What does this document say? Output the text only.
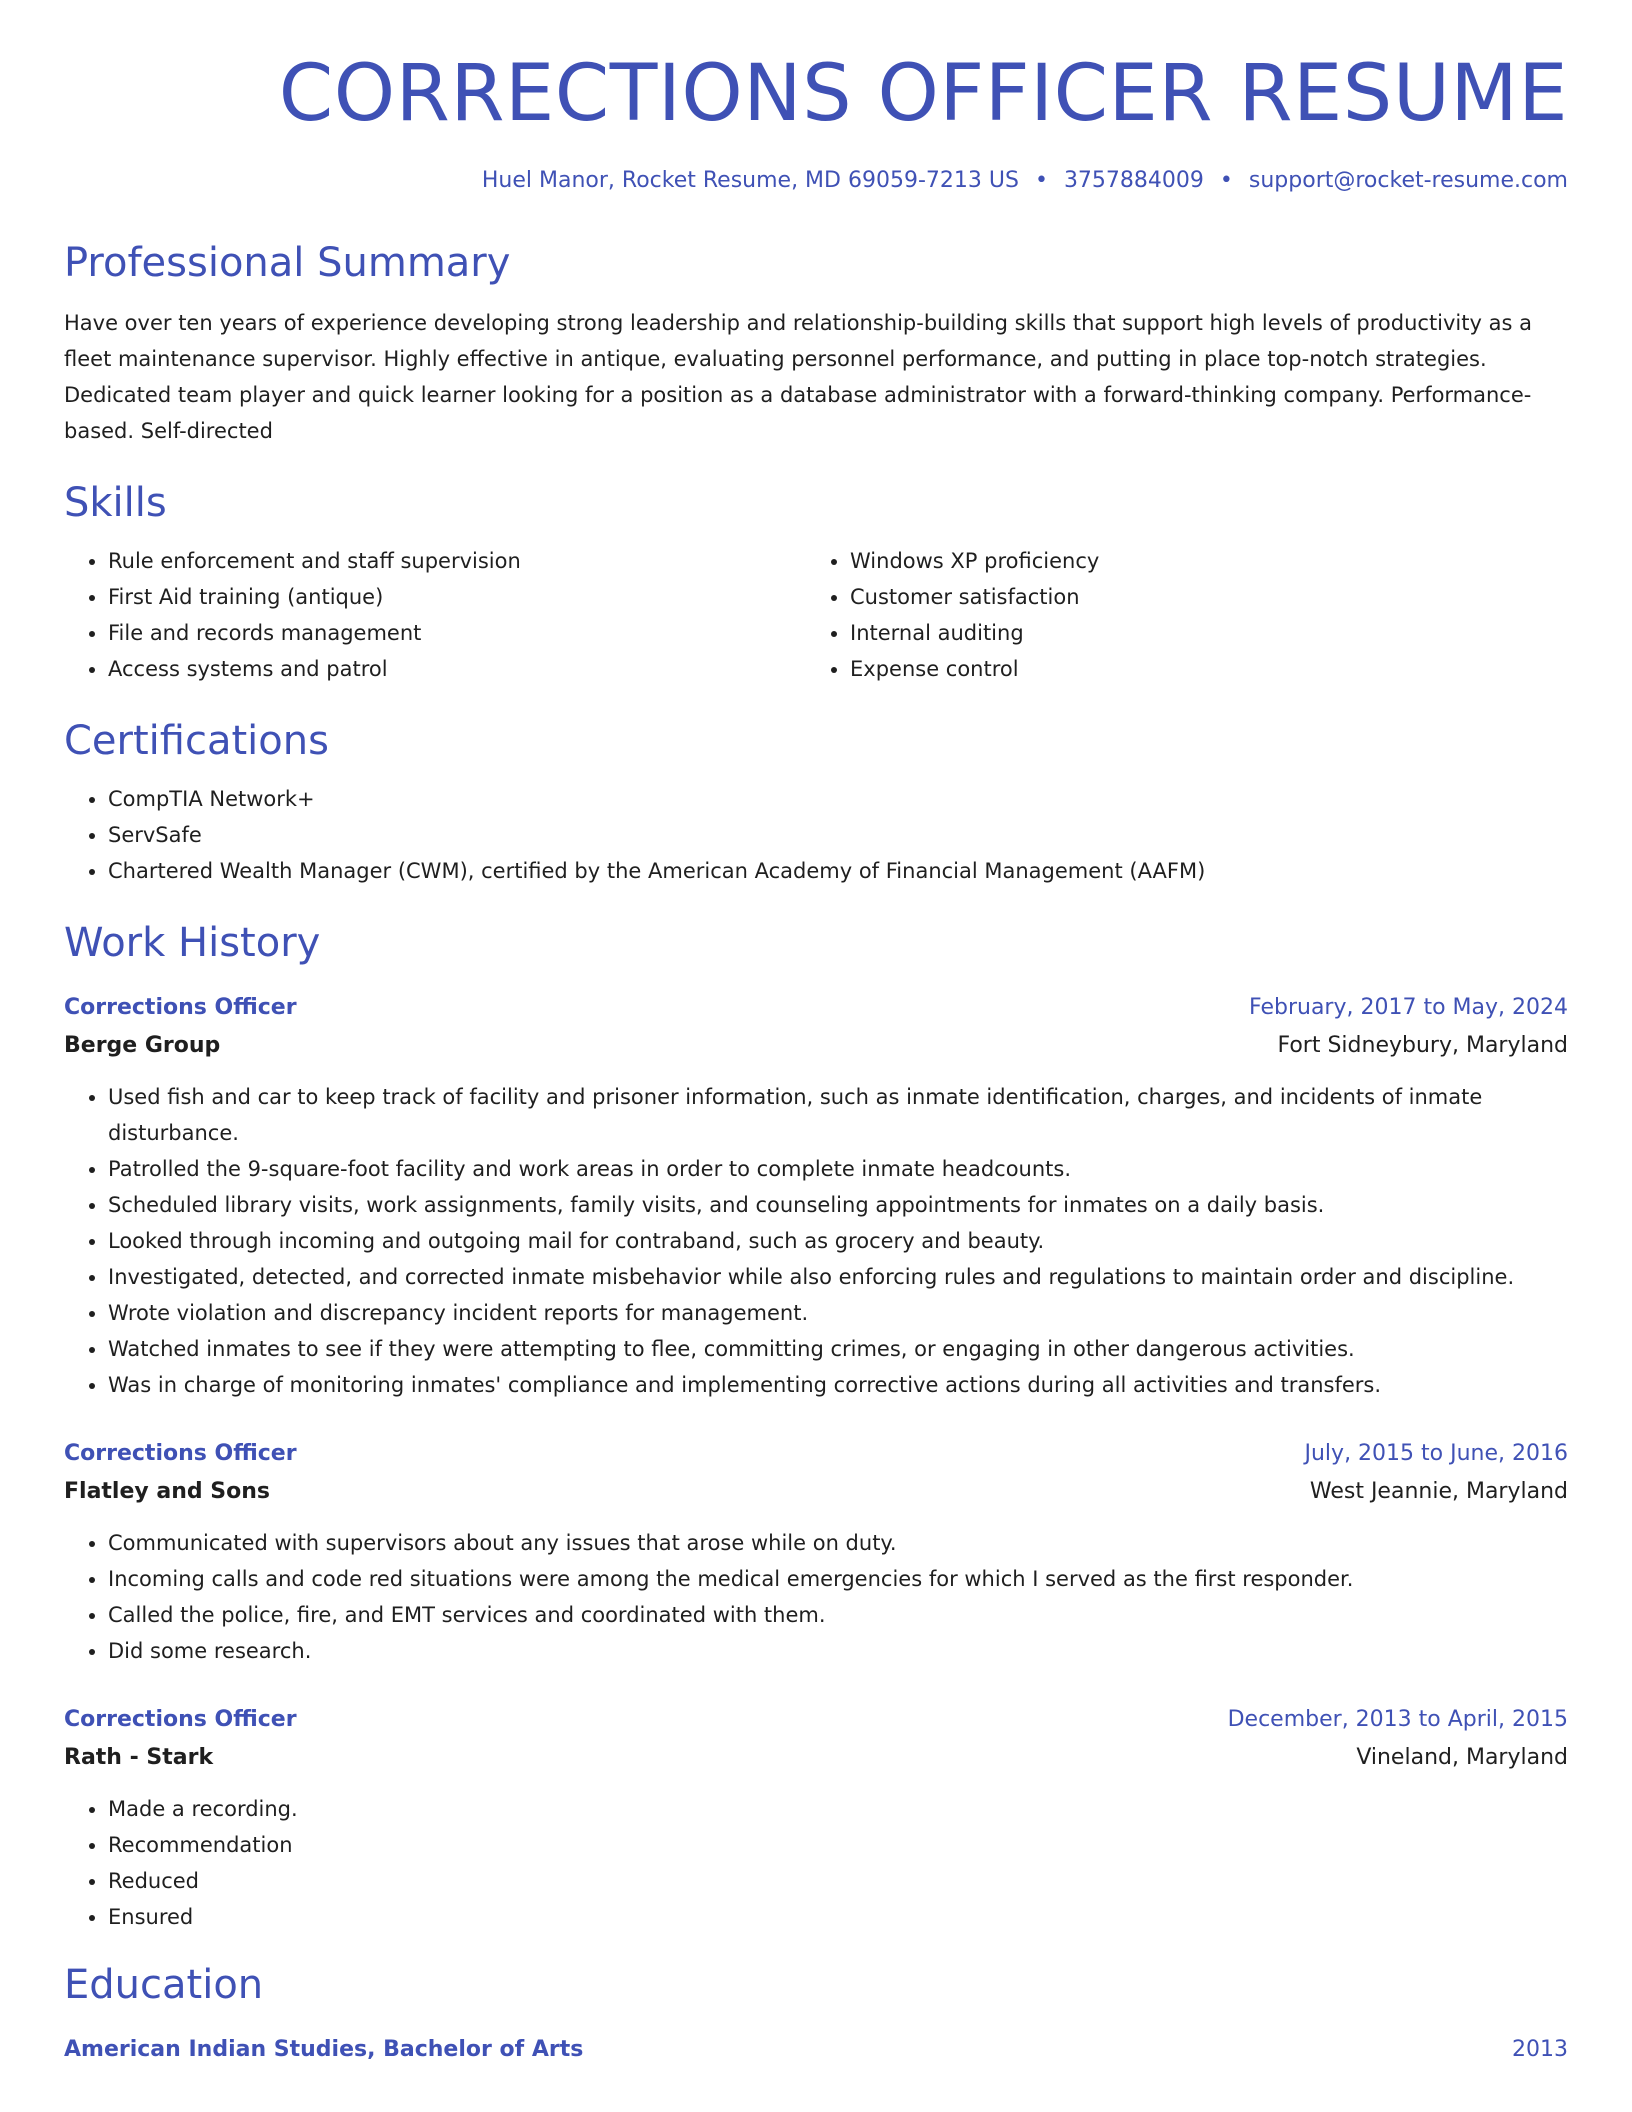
CORRECTIONS OFFICER RESUME
Huel Manor, Rocket Resume, MD 69059-7213 US • 3757884009 • support@rocket-resume.com
Professional Summary

Have over ten years of experience developing strong leadership and relationship-building skills that support high levels of productivity as a fleet maintenance supervisor. Highly effective in antique, evaluating personnel performance, and putting in place top-notch strategies. Dedicated team player and quick learner looking for a position as a database administrator with a forward-thinking company. Performance-based. Self-directed

Skills
• Rule enforcement and staff supervision
• First Aid training (antique)
• File and records management
• Access systems and patrol
• Windows XP proficiency
• Customer satisfaction
• Internal auditing
• Expense control
Certifications
• CompTIA Network+
• ServSafe
• Chartered Wealth Manager (CWM), certified by the American Academy of Financial Management (AAFM)
Work History
Corrections Officer	February, 2017 to May, 2024
Berge Group	Fort Sidneybury, Maryland
• Used fish and car to keep track of facility and prisoner information, such as inmate identification, charges, and incidents of inmate disturbance.
• Patrolled the 9-square-foot facility and work areas in order to complete inmate headcounts.
• Scheduled library visits, work assignments, family visits, and counseling appointments for inmates on a daily basis.
• Looked through incoming and outgoing mail for contraband, such as grocery and beauty.
• Investigated, detected, and corrected inmate misbehavior while also enforcing rules and regulations to maintain order and discipline.
• Wrote violation and discrepancy incident reports for management.
• Watched inmates to see if they were attempting to flee, committing crimes, or engaging in other dangerous activities.
• Was in charge of monitoring inmates' compliance and implementing corrective actions during all activities and transfers.
Corrections Officer	July, 2015 to June, 2016
Flatley and Sons	West Jeannie, Maryland
• Communicated with supervisors about any issues that arose while on duty.
• Incoming calls and code red situations were among the medical emergencies for which I served as the first responder.
• Called the police, fire, and EMT services and coordinated with them.
• Did some research.
Corrections Officer	December, 2013 to April, 2015
Rath - Stark	Vineland, Maryland
• Made a recording.
• Recommendation
• Reduced
• Ensured
Education
American Indian Studies, Bachelor of Arts	2013
